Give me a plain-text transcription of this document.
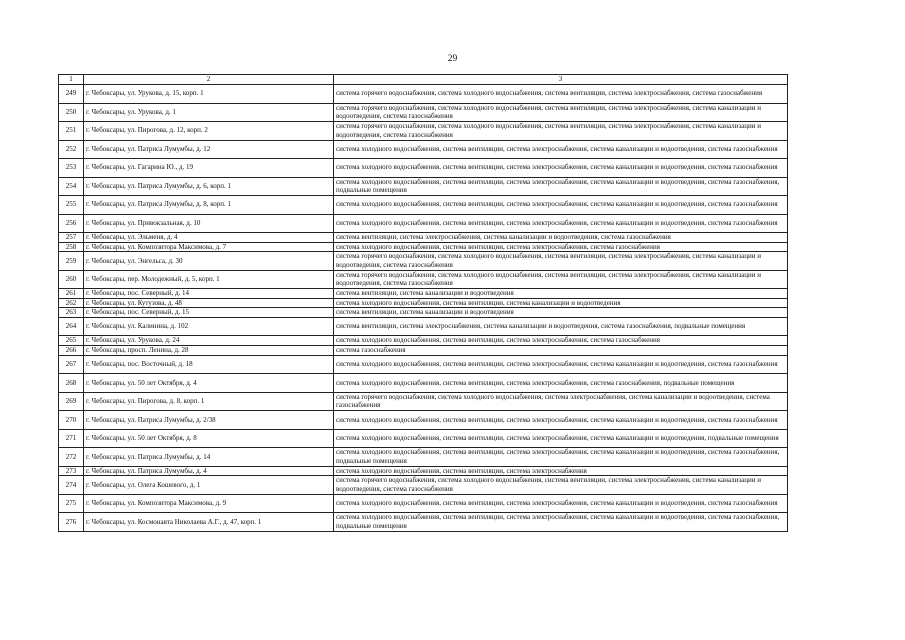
29
1	2	3
249	г. Чебоксары, ул. Урукова, д. 15, корп. 1	система горячего водоснабжения, система холодного водоснабжения, система вентиляции, система электроснабжения, система газоснабжения
250	г. Чебоксары, ул. Урукова, д. 1	система горячего водоснабжения, система холодного водоснабжения, система вентиляции, система электроснабжения, система канализации и водоотведения, система газоснабжения
251	г. Чебоксары, ул. Пирогова, д. 12, корп. 2	система горячего водоснабжения, система холодного водоснабжения, система вентиляции, система электроснабжения, система канализации и водоотведения, система газоснабжения
252	г. Чебоксары, ул. Патриса Лумумбы, д. 12	система холодного водоснабжения, система вентиляции, система электроснабжения, система канализации и водоотведения, система газоснабжения
253	г. Чебоксары, ул. Гагарина Ю., д. 19	система холодного водоснабжения, система вентиляции, система электроснабжения, система канализации и водоотведения, система газоснабжения
254	г. Чебоксары, ул. Патриса Лумумбы, д. 6, корп. 1	система холодного водоснабжения, система вентиляции, система электроснабжения, система канализации и водоотведения, система газоснабжения, подвальные помещения
255	г. Чебоксары, ул. Патриса Лумумбы, д. 8, корп. 1	система холодного водоснабжения, система вентиляции, система электроснабжения, система канализации и водоотведения, система газоснабжения
256	г. Чебоксары, ул. Привокзальная, д. 10	система холодного водоснабжения, система вентиляции, система электроснабжения, система канализации и водоотведения, система газоснабжения
257	г. Чебоксары, ул. Эльменя, д. 4	система вентиляции, система электроснабжения, система канализации и водоотведения, система газоснабжения
258	г. Чебоксары, ул. Композитора Максимова, д. 7	система холодного водоснабжения, система вентиляции, система электроснабжения, система газоснабжения
259	г. Чебоксары, ул. Энгельса, д. 30	система горячего водоснабжения, система холодного водоснабжения, система вентиляции, система электроснабжения, система канализации и водоотведения, система газоснабжения
260	г. Чебоксары, пер. Молодежный, д. 5, корп. 1	система горячего водоснабжения, система холодного водоснабжения, система вентиляции, система электроснабжения, система канализации и водоотведения, система газоснабжения
261	г. Чебоксары, пос. Северный, д. 14	система вентиляции, система канализации и водоотведения
262	г. Чебоксары, ул. Кутузова, д. 48	система холодного водоснабжения, система вентиляции, система канализации и водоотведения
263	г. Чебоксары, пос. Северный, д. 15	система вентиляции, система канализации и водоотведения
264	г. Чебоксары, ул. Калинина, д. 102	система вентиляции, система электроснабжения, система канализации и водоотведения, система газоснабжения, подвальные помещения
265	г. Чебоксары, ул. Урукова, д. 24	система холодного водоснабжения, система вентиляции, система электроснабжения, система газоснабжения
266	г. Чебоксары, просп. Ленина, д. 28	система газоснабжения
267	г. Чебоксары, пос. Восточный, д. 18	система холодного водоснабжения, система вентиляции, система электроснабжения, система канализации и водоотведения, система газоснабжения
268	г. Чебоксары, ул. 50 лет Октября, д. 4	система холодного водоснабжения, система вентиляции, система электроснабжения, система газоснабжения, подвальные помещения
269	г. Чебоксары, ул. Пирогова, д. 8, корп. 1	система горячего водоснабжения, система холодного водоснабжения, система электроснабжения, система канализации и водоотведения, система газоснабжения
270	г. Чебоксары, ул. Патриса Лумумбы, д. 2/38	система холодного водоснабжения, система вентиляции, система электроснабжения, система канализации и водоотведения, система газоснабжения
271	г. Чебоксары, ул. 50 лет Октября, д. 8	система холодного водоснабжения, система вентиляции, система электроснабжения, система канализации и водоотведения, подвальные помещения
272	г. Чебоксары, ул. Патриса Лумумбы, д. 14	система холодного водоснабжения, система вентиляции, система электроснабжения, система канализации и водоотведения, система газоснабжения, подвальные помещения
273	г. Чебоксары, ул. Патриса Лумумбы, д. 4	система холодного водоснабжения, система вентиляции, система электроснабжения
274	г. Чебоксары, ул. Олега Кошевого, д. 1	система горячего водоснабжения, система холодного водоснабжения, система вентиляции, система электроснабжения, система канализации и водоотведения, система газоснабжения
275	г. Чебоксары, ул. Композитора Максимова, д. 9	система холодного водоснабжения, система вентиляции, система электроснабжения, система канализации и водоотведения, система газоснабжения
276	г. Чебоксары, ул. Космонавта Николаева А.Г., д. 47, корп. 1	система холодного водоснабжения, система вентиляции, система электроснабжения, система канализации и водоотведения, система газоснабжения, подвальные помещения
